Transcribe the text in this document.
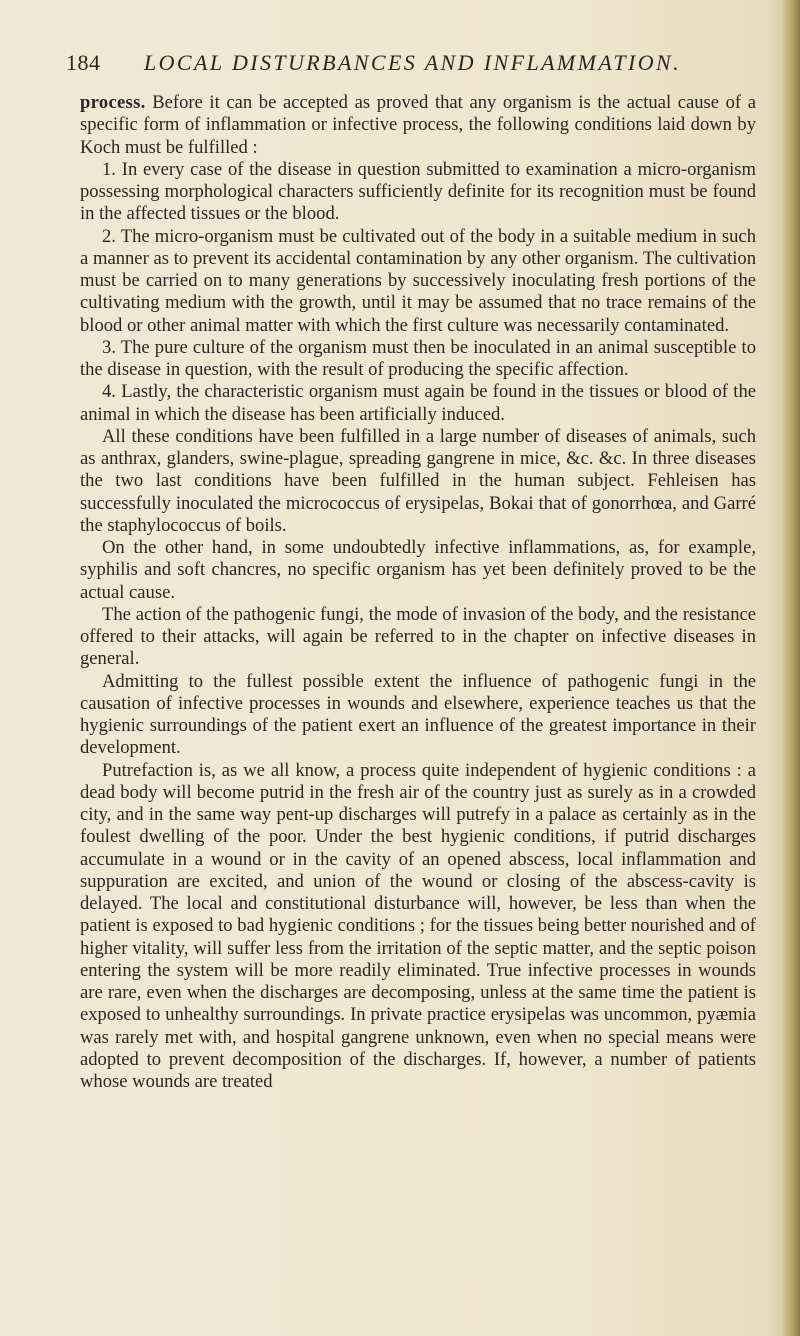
184 LOCAL DISTURBANCES AND INFLAMMATION.

process. Before it can be accepted as proved that any organism is the actual cause of a specific form of inflammation or infective process, the following conditions laid down by Koch must be fulfilled :

1. In every case of the disease in question submitted to examination a micro-organism possessing morphological characters sufficiently definite for its recognition must be found in the affected tissues or the blood.

2. The micro-organism must be cultivated out of the body in a suitable medium in such a manner as to prevent its accidental contamination by any other organism. The cultivation must be carried on to many generations by successively inoculating fresh portions of the cultivating medium with the growth, until it may be assumed that no trace remains of the blood or other animal matter with which the first culture was necessarily contaminated.

3. The pure culture of the organism must then be inoculated in an animal susceptible to the disease in question, with the result of producing the specific affection.

4. Lastly, the characteristic organism must again be found in the tissues or blood of the animal in which the disease has been artificially induced.

All these conditions have been fulfilled in a large number of diseases of animals, such as anthrax, glanders, swine-plague, spreading gangrene in mice, &c. &c. In three diseases the two last conditions have been fulfilled in the human subject. Fehleisen has successfully inoculated the micrococcus of erysipelas, Bokai that of gonorrhœa, and Garré the staphylococcus of boils.

On the other hand, in some undoubtedly infective inflammations, as, for example, syphilis and soft chancres, no specific organism has yet been definitely proved to be the actual cause.

The action of the pathogenic fungi, the mode of invasion of the body, and the resistance offered to their attacks, will again be referred to in the chapter on infective diseases in general.

Admitting to the fullest possible extent the influence of pathogenic fungi in the causation of infective processes in wounds and elsewhere, experience teaches us that the hygienic surroundings of the patient exert an influence of the greatest importance in their development.

Putrefaction is, as we all know, a process quite independent of hygienic conditions : a dead body will become putrid in the fresh air of the country just as surely as in a crowded city, and in the same way pent-up discharges will putrefy in a palace as certainly as in the foulest dwelling of the poor. Under the best hygienic conditions, if putrid discharges accumulate in a wound or in the cavity of an opened abscess, local inflammation and suppuration are excited, and union of the wound or closing of the abscess-cavity is delayed. The local and constitutional disturbance will, however, be less than when the patient is exposed to bad hygienic conditions ; for the tissues being better nourished and of higher vitality, will suffer less from the irritation of the septic matter, and the septic poison entering the system will be more readily eliminated. True infective processes in wounds are rare, even when the discharges are decomposing, unless at the same time the patient is exposed to unhealthy surroundings. In private practice erysipelas was uncommon, pyæmia was rarely met with, and hospital gangrene unknown, even when no special means were adopted to prevent decomposition of the discharges. If, however, a number of patients whose wounds are treated
